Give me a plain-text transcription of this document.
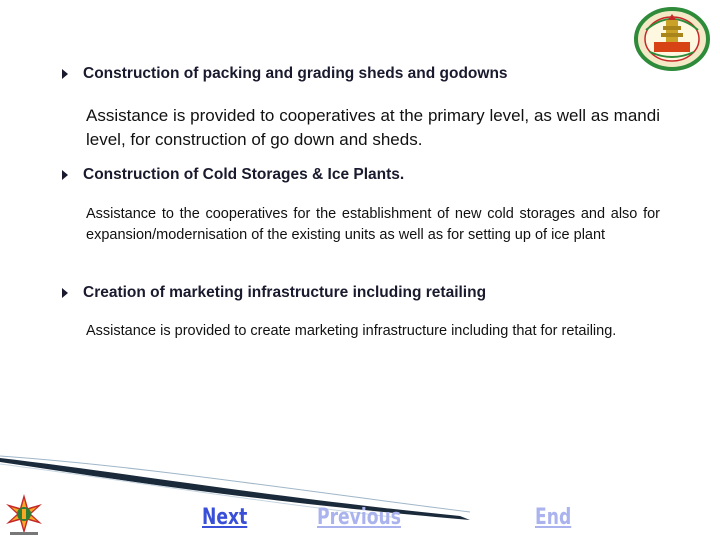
Construction of packing and grading sheds and godowns
Assistance is provided to cooperatives at the primary level, as well as mandi level, for construction of go down and sheds.
Construction of Cold Storages & Ice Plants.
Assistance to the cooperatives for the establishment of new cold storages and also for expansion/modernisation of the existing units as well as for setting up of ice plant
Creation of marketing infrastructure including retailing
Assistance is provided to create marketing infrastructure including that for retailing.
Next	Previous	End
